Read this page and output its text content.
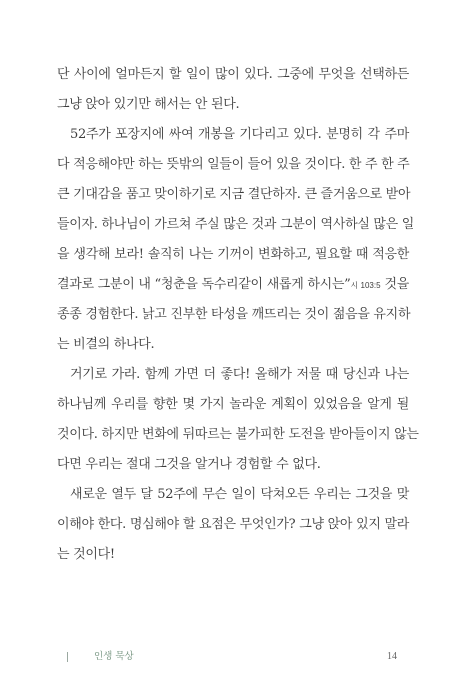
단 사이에 얼마든지 할 일이 많이 있다. 그중에 무엇을 선택하든
그냥 앉아 있기만 해서는 안 된다.
52주가 포장지에 싸여 개봉을 기다리고 있다. 분명히 각 주마
다 적응해야만 하는 뜻밖의 일들이 들어 있을 것이다. 한 주 한 주
큰 기대감을 품고 맞이하기로 지금 결단하자. 큰 즐거움으로 받아
들이자. 하나님이 가르쳐 주실 많은 것과 그분이 역사하실 많은 일
을 생각해 보라! 솔직히 나는 기꺼이 변화하고, 필요할 때 적응한
결과로 그분이 내 “청춘을 독수리같이 새롭게 하시는”시 103:5 것을
종종 경험한다. 낡고 진부한 타성을 깨뜨리는 것이 젊음을 유지하
는 비결의 하나다.
거기로 가라. 함께 가면 더 좋다! 올해가 저물 때 당신과 나는
하나님께 우리를 향한 몇 가지 놀라운 계획이 있었음을 알게 될
것이다. 하지만 변화에 뒤따르는 불가피한 도전을 받아들이지 않는
다면 우리는 절대 그것을 알거나 경험할 수 없다.
새로운 열두 달 52주에 무슨 일이 닥쳐오든 우리는 그것을 맞
이해야 한다. 명심해야 할 요점은 무엇인가? 그냥 앉아 있지 말라
는 것이다!
인생 묵상	14
